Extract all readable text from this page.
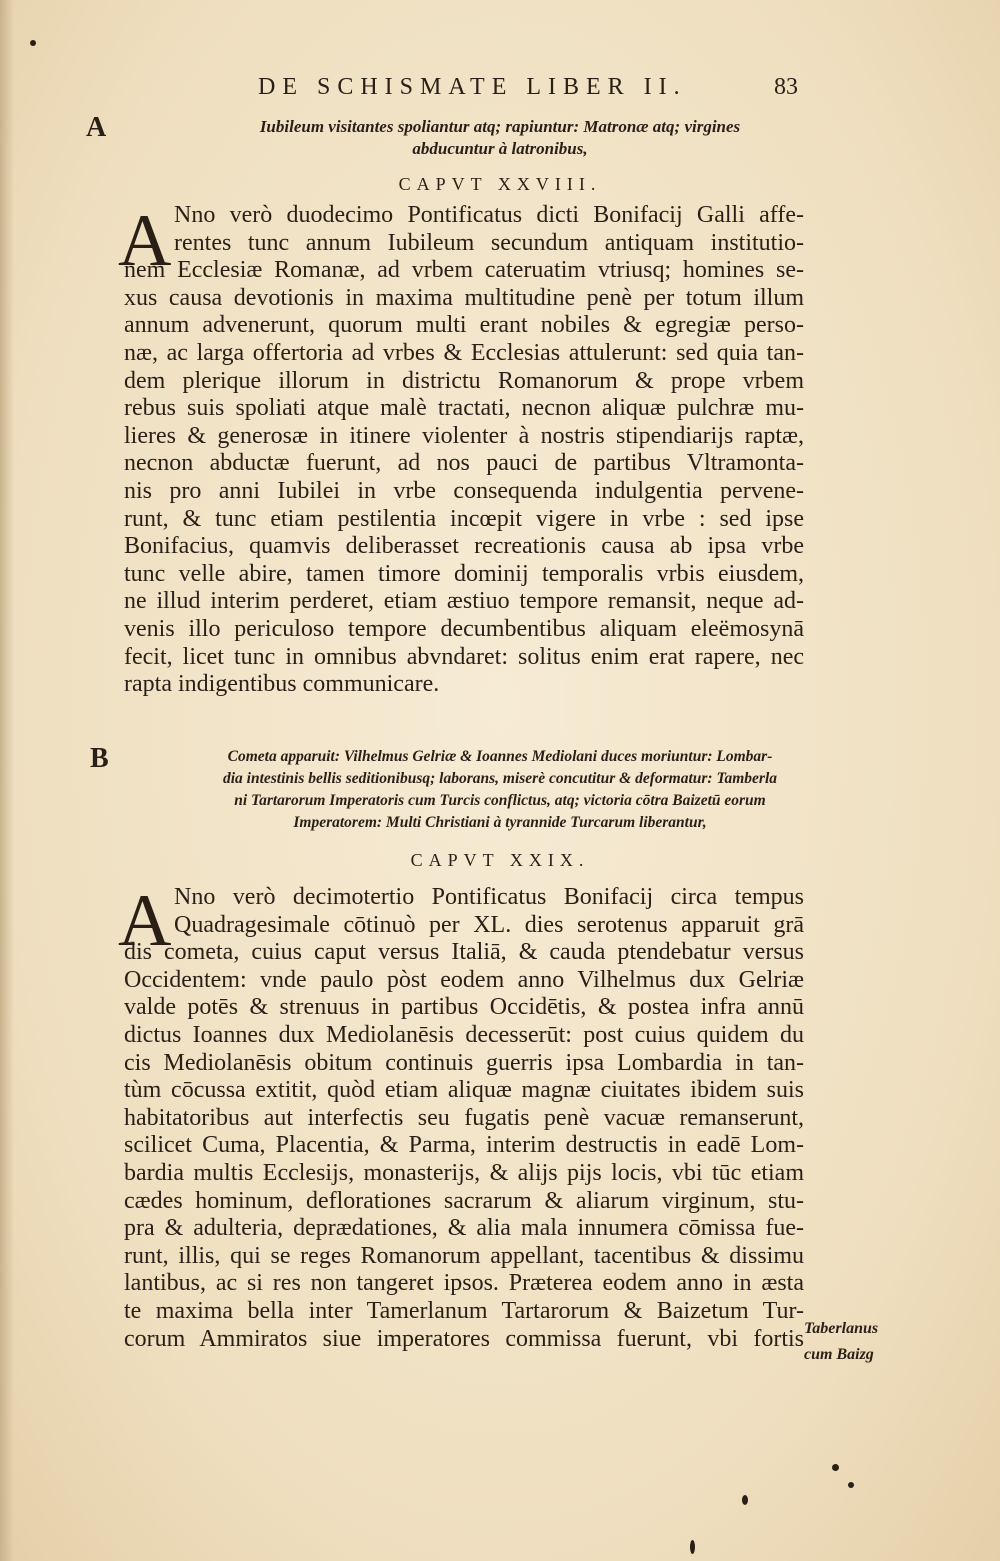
DE SCHISMATE LIBER II.	83
A	Iubileum visitantes spoliantur atq; rapiuntur: Matronæ atq; virgines
abducuntur à latronibus,
CAPVT XXVIII.
A Nno verò duodecimo Pontificatus dicti Bonifacij Galli affe-
rentes tunc annum Iubileum secundum antiquam institutio-
nem Ecclesiæ Romanæ, ad vrbem cateruatim vtriusq; homines se-
xus causa devotionis in maxima multitudine penè per totum illum
annum advenerunt, quorum multi erant nobiles & egregiæ perso-
næ, ac larga offertoria ad vrbes & Ecclesias attulerunt: sed quia tan-
dem plerique illorum in districtu Romanorum & prope vrbem
rebus suis spoliati atque malè tractati, necnon aliquæ pulchræ mu-
lieres & generosæ in itinere violenter à nostris stipendiarijs raptæ,
necnon abductæ fuerunt, ad nos pauci de partibus Vltramonta-
nis pro anni Iubilei in vrbe consequenda indulgentia pervene-
runt, & tunc etiam pestilentia incœpit vigere in vrbe : sed ipse
Bonifacius, quamvis deliberasset recreationis causa ab ipsa vrbe
tunc velle abire, tamen timore dominij temporalis vrbis eiusdem,
ne illud interim perderet, etiam æstiuo tempore remansit, neque ad-
venis illo periculoso tempore decumbentibus aliquam eleëmosynā
fecit, licet tunc in omnibus abvndaret: solitus enim erat rapere, nec
rapta indigentibus communicare.
B	Cometa apparuit: Vilhelmus Gelriæ & Ioannes Mediolani duces moriuntur: Lombar-
dia intestinis bellis seditionibusq; laborans, miserè concutitur & deformatur: Tamberla
ni Tartarorum Imperatoris cum Turcis conflictus, atq; victoria cōtra Baizetū eorum
Imperatorem: Multi Christiani à tyrannide Turcarum liberantur,
CAPVT XXIX.
A Nno verò decimotertio Pontificatus Bonifacij circa tempus
Quadragesimale cōtinuò per XL. dies serotenus apparuit grā
dis cometa, cuius caput versus Italiā, & cauda ptendebatur versus
Occidentem: vnde paulo pòst eodem anno Vilhelmus dux Gelriæ
valde potēs & strenuus in partibus Occidētis, & postea infra annū
dictus Ioannes dux Mediolanēsis decesserūt: post cuius quidem du
cis Mediolanēsis obitum continuis guerris ipsa Lombardia in tan-
tùm cōcussa extitit, quòd etiam aliquæ magnæ ciuitates ibidem suis
habitatoribus aut interfectis seu fugatis penè vacuæ remanserunt,
scilicet Cuma, Placentia, & Parma, interim destructis in eadē Lom-
bardia multis Ecclesijs, monasterijs, & alijs pijs locis, vbi tūc etiam
cædes hominum, deflorationes sacrarum & aliarum virginum, stu-
pra & adulteria, deprædationes, & alia mala innumera cōmissa fue-
runt, illis, qui se reges Romanorum appellant, tacentibus & dissimu
lantibus, ac si res non tangeret ipsos. Præterea eodem anno in æsta
te maxima bella inter Tamerlanum Tartarorum & Baizetum Tur-
corum Ammiratos siue imperatores commissa fuerunt, vbi fortis Taberlanus
cum Baizg
